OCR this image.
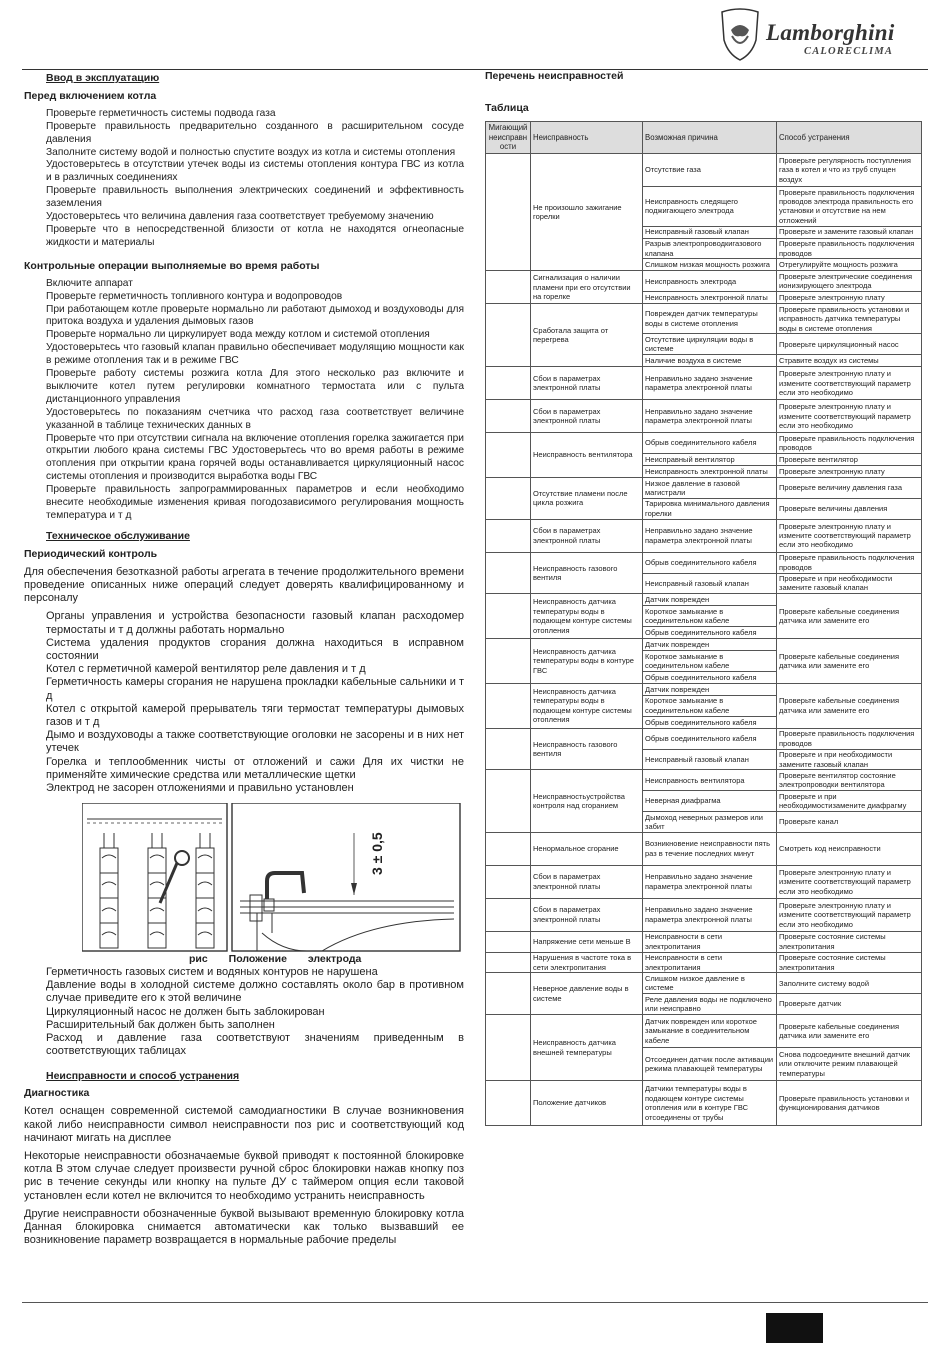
Lamborghini
CALORECLIMA
Ввод в эксплуатацию
Перед включением котла

Проверьте герметичность системы подвода газа

Проверьте правильность предварительно созданного в расширительном сосуде давления

Заполните систему водой и полностью спустите воздух из котла и системы отопления

Удостоверьтесь в отсутствии утечек воды из системы отопления контура ГВС из котла и в различных соединениях

Проверьте правильность выполнения электрических соединений и эффективность заземления

Удостоверьтесь что величина давления газа соответствует требуемому значению

Проверьте что в непосредственной близости от котла не находятся огнеопасные жидкости и материалы

Контрольные операции выполняемые во время работы

Включите аппарат

Проверьте герметичность топливного контура и водопроводов

При работающем котле проверьте нормально ли работают дымоход и воздуховоды для притока воздуха и удаления дымовых газов

Проверьте нормально ли циркулирует вода между котлом и системой отопления

Удостоверьтесь что газовый клапан правильно обеспечивает модулящию мощности как в режиме отопления так и в режиме ГВС

Проверьте работу системы розжига котла Для этого несколько раз включите и выключите котел путем регулировки комнатного термостата или с пульта дистанционного управления

Удостоверьтесь по показаниям счетчика что расход газа соответствует величине указанной в таблице технических данных в

Проверьте что при отсутствии сигнала на включение отопления горелка зажигается при открытии любого крана системы ГВС Удостоверьтесь что во время работы в режиме отопления при открытии крана горячей воды останавливается циркуляционный насос системы отопления и производится выработка воды ГВС

Проверьте правильность запрограммированных параметров и если необходимо внесите необходимые изменения кривая погодозависимого регулирования мощность температура и т д

Техническое обслуживание
Периодический контроль

Для обеспечения безотказной работы агрегата в течение продолжительного времени проведение описанных ниже операций следует доверять квалифицированному и персоналу

Органы управления и устройства безопасности газовый клапан расходомер термостаты и т д должны работать нормально

Система удаления продуктов сгорания должна находиться в исправном состоянии

Котел с герметичной камерой вентилятор реле давления и т д

Герметичность камеры сгорания не нарушена прокладки кабельные сальники и т д

Котел с открытой камерой прерыватель тяги термостат температуры дымовых газов и т д

Дымо и воздуховоды а также соответствующие оголовки не засорены и в них нет утечек

Горелка и теплообменник чисты от отложений и сажи Для их чистки не применяйте химические средства или металлические щетки

Электрод не засорен отложениями и правильно установлен

3 ± 0,5

рис Положение электрода

Герметичность газовых систем и водяных контуров не нарушена

Давление воды в холодной системе должно составлять около бар в противном случае приведите его к этой величине

Циркуляционный насос не должен быть заблокирован

Расширительный бак должен быть заполнен

Расход и давление газа соответствуют значениям приведенным в соответствующих таблицах

Неисправности и способ устранения
Диагностика

Котел оснащен современной системой самодиагностики В случае возникновения какой либо неисправности символ неисправности поз рис и соответствующий код начинают мигать на дисплее

Некоторые неисправности обозначаемые буквой приводят к постоянной блокировке котла В этом случае следует произвести ручной сброс блокировки нажав кнопку поз рис в течение секунды или кнопку на пульте ДУ с таймером опция если таковой установлен если котел не включится то необходимо устранить неисправность

Другие неисправности обозначенные буквой вызывают временную блокировку котла Данная блокировка снимается автоматически как только вызвавший ее возникновение параметр возвращается в нормальные рабочие пределы

Перечень неисправностей
Таблица
Мигающий неисправн ости	Неисправность	Возможная причина	Способ устранения
	Не произошло зажигание горелки	Отсутствие газа	Проверьте регулярность поступления газа в котел и что из труб спущен воздух
		Неисправность следящего поджигающего электрода	Проверьте правильность подключения проводов электрода правильность его установки и отсутствие на нем отложений
		Неисправный газовый клапан	Проверьте и замените газовый клапан
		Разрыв электропроводкигазового клапана	Проверьте правильность подключения проводов
		Слишком низкая мощность розжига	Отрегулируйте мощность розжига
	Сигнализация о наличии пламени при его отсутствии на горелке	Неисправность электрода	Проверьте электрические соединения ионизирующего электрода
		Неисправность электронной платы	Проверьте электронную плату
	Сработала защита от перегрева	Поврежден датчик температуры воды в системе отопления	Проверьте правильность установки и исправность датчика температуры воды в системе отопления
		Отсутствие циркуляции воды в системе	Проверьте циркуляционный насос
		Наличие воздуха в системе	Стравите воздух из системы
	Сбои в параметрах электронной платы	Неправильно задано значение параметра электронной платы	Проверьте электронную плату и измените соответствующий параметр если это необходимо
	Сбои в параметрах электронной платы	Неправильно задано значение параметра электронной платы	Проверьте электронную плату и измените соответствующий параметр если это необходимо
	Неисправность вентилятора	Обрыв соединительного кабеля	Проверьте правильность подключения проводов
		Неисправный вентилятор	Проверьте вентилятор
		Неисправность электронной платы	Проверьте электронную плату
	Отсутствие пламени после цикла розжига	Низкое давление в газовой магистрали	Проверьте величину давления газа
		Тарировка минимального давления горелки	Проверьте величины давления
	Сбои в параметрах электронной платы	Неправильно задано значение параметра электронной платы	Проверьте электронную плату и измените соответствующий параметр если это необходимо
	Неисправность газового вентиля	Обрыв соединительного кабеля	Проверьте правильность подключения проводов
		Неисправный газовый клапан	Проверьте и при необходимости замените газовый клапан
	Неисправность датчика температуры воды в подающем контуре системы отопления	Датчик поврежден	Проверьте кабельные соединения датчика или замените его
		Короткое замыкание в соединительном кабеле	
		Обрыв соединительного кабеля	
	Неисправность датчика температуры воды в контуре ГВС	Датчик поврежден	Проверьте кабельные соединения датчика или замените его
		Короткое замыкание в соединительном кабеле	
		Обрыв соединительного кабеля	
	Неисправность датчика температуры воды в подающем контуре системы отопления	Датчик поврежден	Проверьте кабельные соединения датчика или замените его
		Короткое замыкание в соединительном кабеле	
		Обрыв соединительного кабеля	
	Неисправность газового вентиля	Обрыв соединительного кабеля	Проверьте правильность подключения проводов
		Неисправный газовый клапан	Проверьте и при необходимости замените газовый клапан
	Неисправностьустройства контроля над сгоранием	Неисправность вентилятора	Проверьте вентилятор состояние электропроводки вентилятора
		Неверная диафрагма	Проверьте и при необходимостизамените диафрагму
		Дымоход неверных размеров или забит	Проверьте канал
	Ненормальное сгорание	Возникновение неисправности пять раз в течение последних минут	Смотреть код неисправности
	Сбои в параметрах электронной платы	Неправильно задано значение параметра электронной платы	Проверьте электронную плату и измените соответствующий параметр если это необходимо
	Сбои в параметрах электронной платы	Неправильно задано значение параметра электронной платы	Проверьте электронную плату и измените соответствующий параметр если это необходимо
	Напряжение сети меньше В	Неисправности в сети электропитания	Проверьте состояние системы электропитания
	Нарушения в частоте тока в сети электропитания	Неисправности в сети электропитания	Проверьте состояние системы электропитания
	Неверное давление воды в системе	Слишком низкое давление в системе	Заполните систему водой
		Реле давления воды не подключено или неисправно	Проверьте датчик
	Неисправность датчика внешней температуры	Датчик поврежден или короткое замыкание в соединительном кабеле	Проверьте кабельные соединения датчика или замените его
		Отсоединен датчик после активации режима плавающей температуры	Снова подсоедините внешний датчик или отключите режим плавающей температуры
	Положение датчиков	Датчики температуры воды в подающем контуре системы отопления или в контуре ГВС отсоединены от трубы	Проверьте правильность установки и функционирования датчиков
